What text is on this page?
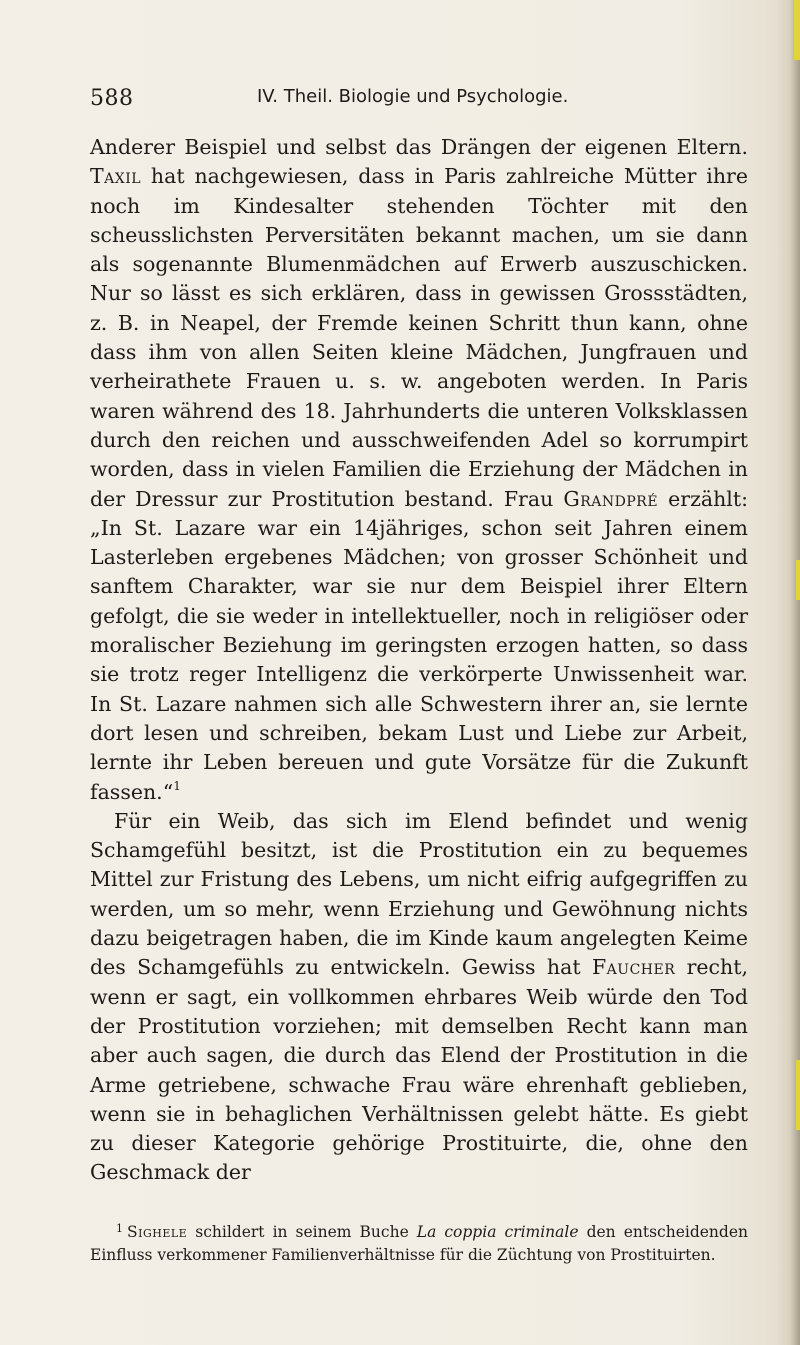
588	IV. Theil. Biologie und Psychologie.

Anderer Beispiel und selbst das Drängen der eigenen Eltern. Taxil hat nachgewiesen, dass in Paris zahlreiche Mütter ihre noch im Kindesalter stehenden Töchter mit den scheusslichsten Perversitäten bekannt machen, um sie dann als sogenannte Blumenmädchen auf Erwerb auszuschicken. Nur so lässt es sich erklären, dass in gewissen Grossstädten, z. B. in Neapel, der Fremde keinen Schritt thun kann, ohne dass ihm von allen Seiten kleine Mädchen, Jungfrauen und verheirathete Frauen u. s. w. angeboten werden. In Paris waren während des 18. Jahrhunderts die unteren Volksklassen durch den reichen und ausschweifenden Adel so korrumpirt worden, dass in vielen Familien die Erziehung der Mädchen in der Dressur zur Prostitution bestand. Frau Grandpré erzählt: „In St. Lazare war ein 14jähriges, schon seit Jahren einem Lasterleben ergebenes Mädchen; von grosser Schönheit und sanftem Charakter, war sie nur dem Beispiel ihrer Eltern gefolgt, die sie weder in intellektueller, noch in religiöser oder moralischer Beziehung im geringsten erzogen hatten, so dass sie trotz reger Intelligenz die verkörperte Unwissenheit war. In St. Lazare nahmen sich alle Schwestern ihrer an, sie lernte dort lesen und schreiben, bekam Lust und Liebe zur Arbeit, lernte ihr Leben bereuen und gute Vorsätze für die Zukunft fassen.“$^1$

Für ein Weib, das sich im Elend befindet und wenig Schamgefühl besitzt, ist die Prostitution ein zu bequemes Mittel zur Fristung des Lebens, um nicht eifrig aufgegriffen zu werden, um so mehr, wenn Erziehung und Gewöhnung nichts dazu beigetragen haben, die im Kinde kaum angelegten Keime des Schamgefühls zu entwickeln. Gewiss hat Faucher recht, wenn er sagt, ein vollkommen ehrbares Weib würde den Tod der Prostitution vorziehen; mit demselben Recht kann man aber auch sagen, die durch das Elend der Prostitution in die Arme getriebene, schwache Frau wäre ehrenhaft geblieben, wenn sie in behaglichen Verhältnissen gelebt hätte. Es giebt zu dieser Kategorie gehörige Prostituirte, die, ohne den Geschmack der

$^1$ Sighele schildert in seinem Buche La coppia criminale den entscheidenden Einfluss verkommener Familienverhältnisse für die Züchtung von Prostituirten.
